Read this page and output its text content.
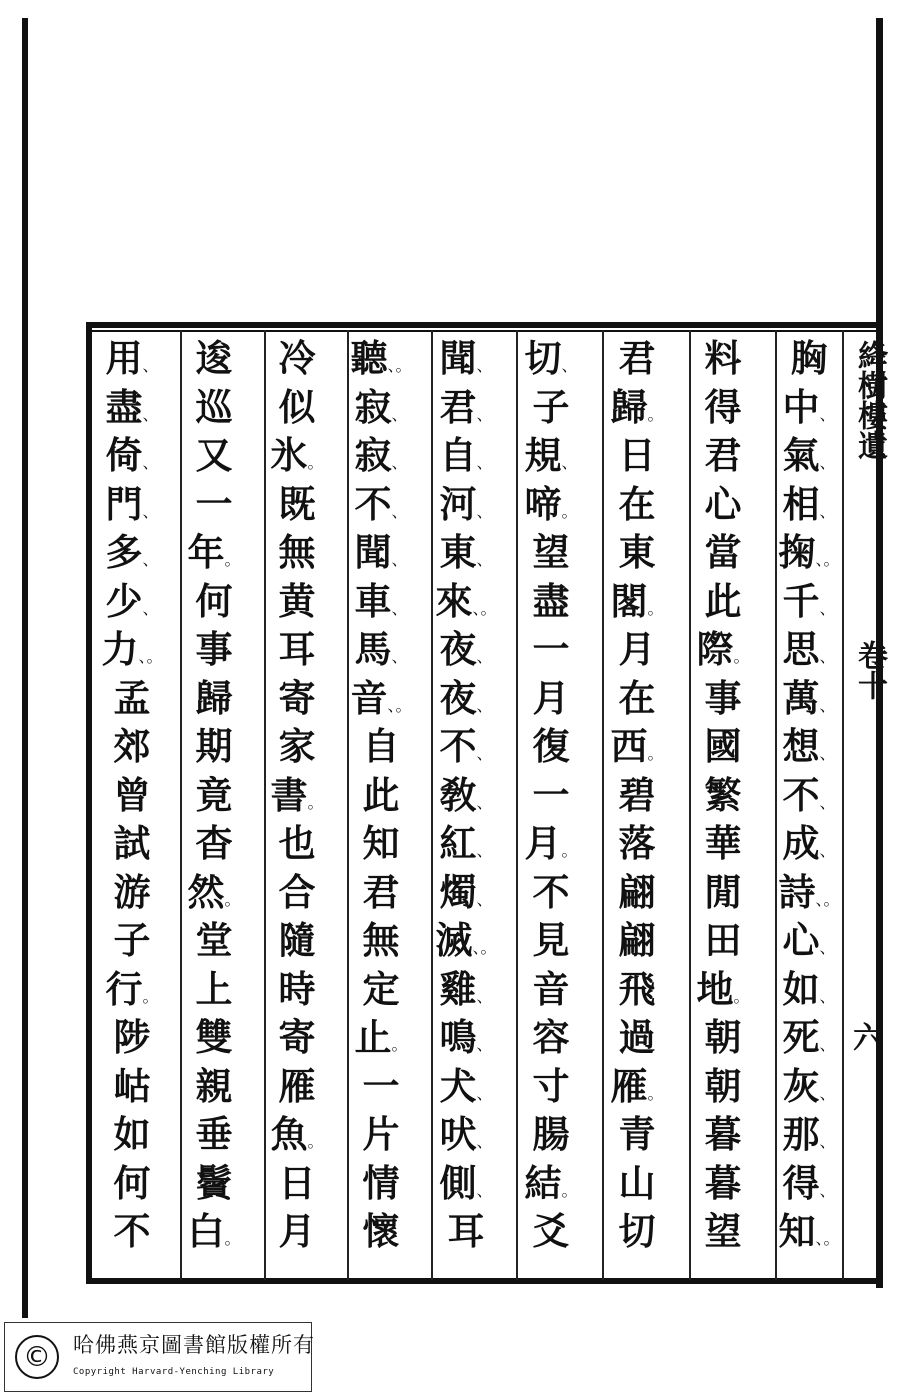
絳樹樓遺
卷十
六
胸
中、
氣、
相、
掬、。
千、
思、
萬、
想、
不、
成、
詩、。
心、
如、
死、
灰、
那、
得、
知、。
料
得
君
心
當
此
際。
事
國
繁
華
閒
田
地。
朝
朝
暮
暮
望
君
歸。
日
在
東
閣。
月
在
西。
碧
落
翩
翩
飛
過
雁。
青
山
切
切、
子
規、
啼。
望
盡
一
月
復
一
月。
不
見
音
容
寸
腸
結。
爻
聞、
君、
自、
河、
東、
來、。
夜、
夜、
不、
敎、
紅、
燭、
滅、。
雞、
鳴、
犬、
吠、
側、
耳
聽、。
寂、
寂、
不、
聞、
車、
馬、
音、。
自
此
知
君
無
定
止。
一
片
情
懷
冷
似
氷。
既
無
黄
耳
寄
家
書。
也
合
隨
時
寄
雁
魚。
日
月
逡
巡
又
一
年。
何
事
歸
期
竟
杳
然。
堂
上
雙
親
垂
鬢
白。
用、
盡、
倚、
門、
多、
少、
力、。
孟
郊
曾
試
游
子
行。
陟
岵
如
何
不
©	哈佛燕京圖書館版權所有
Copyright Harvard-Yenching Library
